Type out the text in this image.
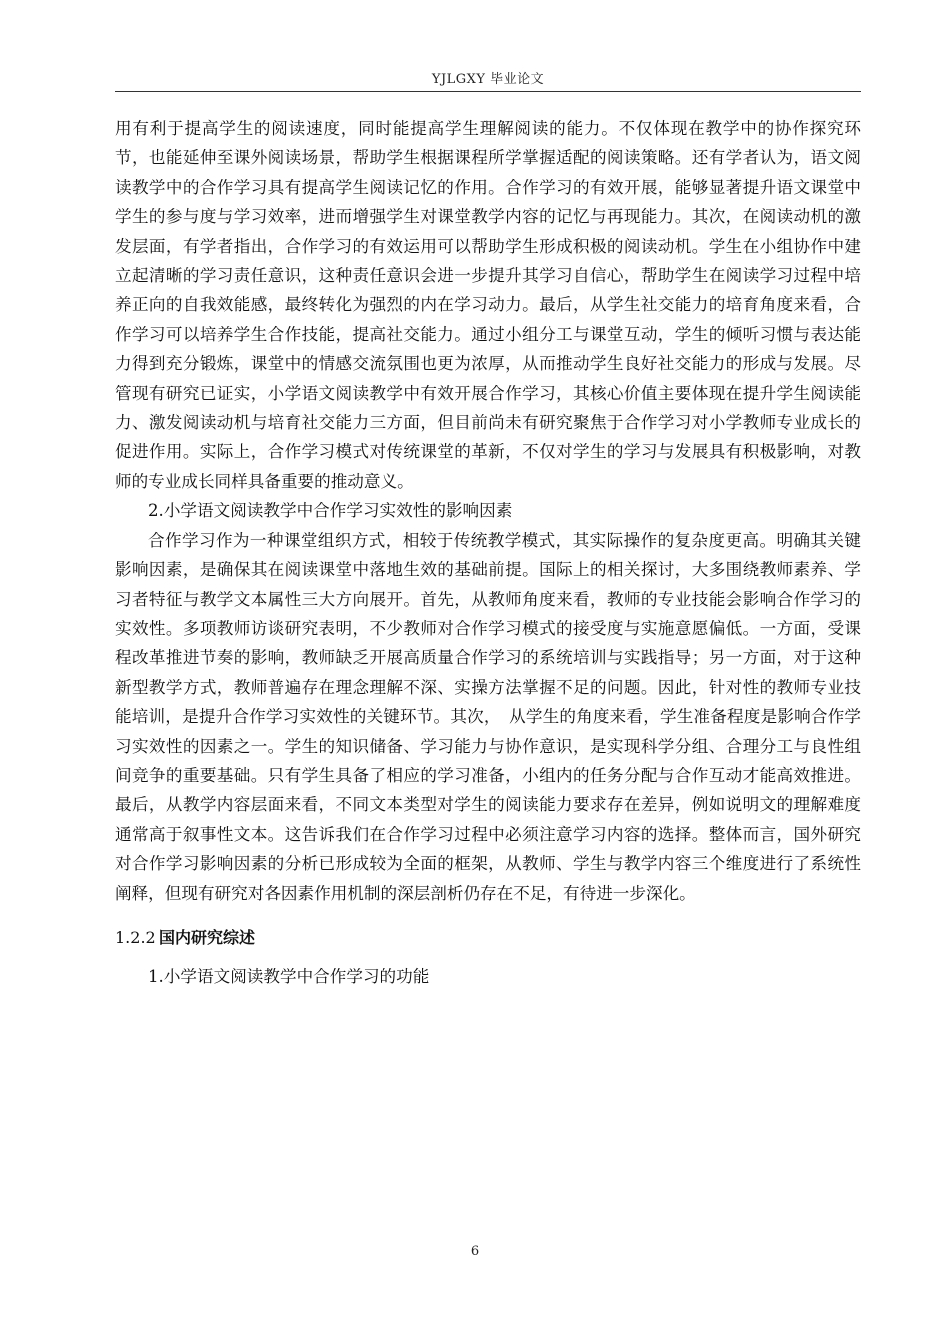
YJLGXY 毕业论文

用有利于提高学生的阅读速度，同时能提高学生理解阅读的能力。不仅体现在教学中的协作探究环节，也能延伸至课外阅读场景，帮助学生根据课程所学掌握适配的阅读策略。还有学者认为，语文阅读教学中的合作学习具有提高学生阅读记忆的作用。合作学习的有效开展，能够显著提升语文课堂中学生的参与度与学习效率，进而增强学生对课堂教学内容的记忆与再现能力。其次，在阅读动机的激发层面，有学者指出，合作学习的有效运用可以帮助学生形成积极的阅读动机。学生在小组协作中建立起清晰的学习责任意识，这种责任意识会进一步提升其学习自信心，帮助学生在阅读学习过程中培养正向的自我效能感，最终转化为强烈的内在学习动力。最后，从学生社交能力的培育角度来看，合作学习可以培养学生合作技能，提高社交能力。通过小组分工与课堂互动，学生的倾听习惯与表达能力得到充分锻炼，课堂中的情感交流氛围也更为浓厚，从而推动学生良好社交能力的形成与发展。尽管现有研究已证实，小学语文阅读教学中有效开展合作学习，其核心价值主要体现在提升学生阅读能力、激发阅读动机与培育社交能力三方面，但目前尚未有研究聚焦于合作学习对小学教师专业成长的促进作用。实际上，合作学习模式对传统课堂的革新，不仅对学生的学习与发展具有积极影响，对教师的专业成长同样具备重要的推动意义。

2.小学语文阅读教学中合作学习实效性的影响因素

合作学习作为一种课堂组织方式，相较于传统教学模式，其实际操作的复杂度更高。明确其关键影响因素，是确保其在阅读课堂中落地生效的基础前提。国际上的相关探讨，大多围绕教师素养、学习者特征与教学文本属性三大方向展开。首先，从教师角度来看，教师的专业技能会影响合作学习的实效性。多项教师访谈研究表明，不少教师对合作学习模式的接受度与实施意愿偏低。一方面，受课程改革推进节奏的影响，教师缺乏开展高质量合作学习的系统培训与实践指导；另一方面，对于这种新型教学方式，教师普遍存在理念理解不深、实操方法掌握不足的问题。因此，针对性的教师专业技能培训，是提升合作学习实效性的关键环节。其次，　从学生的角度来看，学生准备程度是影响合作学习实效性的因素之一。学生的知识储备、学习能力与协作意识，是实现科学分组、合理分工与良性组间竞争的重要基础。只有学生具备了相应的学习准备，小组内的任务分配与合作互动才能高效推进。最后，从教学内容层面来看，不同文本类型对学生的阅读能力要求存在差异，例如说明文的理解难度通常高于叙事性文本。这告诉我们在合作学习过程中必须注意学习内容的选择。整体而言，国外研究对合作学习影响因素的分析已形成较为全面的框架，从教师、学生与教学内容三个维度进行了系统性阐释，但现有研究对各因素作用机制的深层剖析仍存在不足，有待进一步深化。

1.2.2 国内研究综述

1.小学语文阅读教学中合作学习的功能

6
